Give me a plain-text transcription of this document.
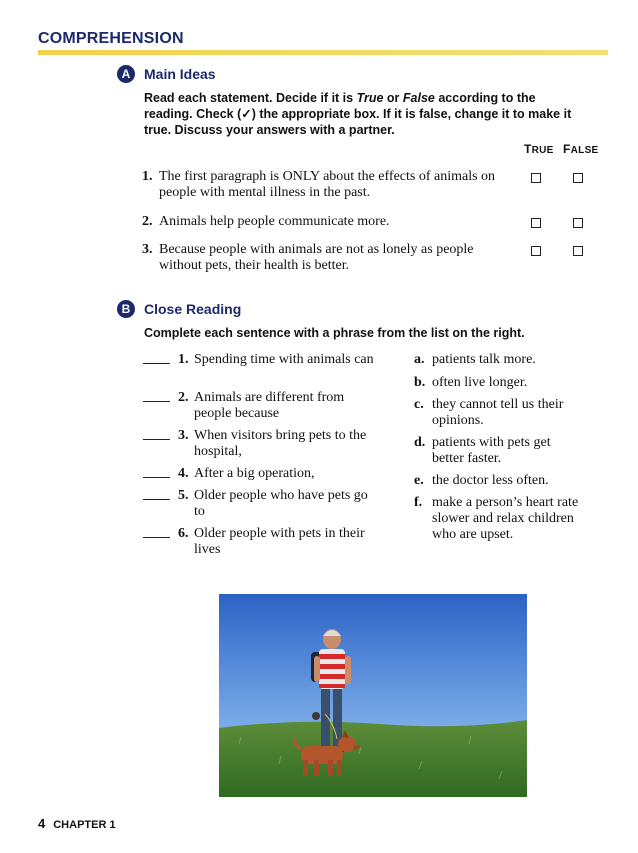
COMPREHENSION
A Main Ideas
Read each statement. Decide if it is True or False according to the reading. Check (✓) the appropriate box. If it is false, change it to make it true. Discuss your answers with a partner.
TRUE FALSE
1. The first paragraph is ONLY about the effects of animals on people with mental illness in the past.
2. Animals help people communicate more.
3. Because people with animals are not as lonely as people without pets, their health is better.
B Close Reading
Complete each sentence with a phrase from the list on the right.
1. Spending time with animals can
2. Animals are different from people because
3. When visitors bring pets to the hospital,
4. After a big operation,
5. Older people who have pets go to
6. Older people with pets in their lives
a. patients talk more.
b. often live longer.
c. they cannot tell us their opinions.
d. patients with pets get better faster.
e. the doctor less often.
f. make a person’s heart rate slower and relax children who are upset.
4 CHAPTER 1
